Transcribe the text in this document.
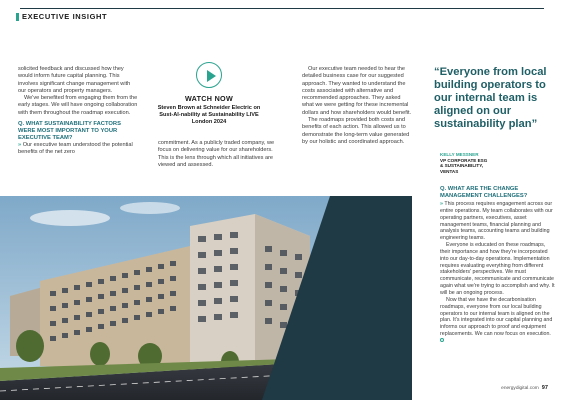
EXECUTIVE INSIGHT

solicited feedback and discussed how they would inform future capital planning. This involves significant change management with our operators and property managers.

We've benefited from engaging them from the early stages. We will have ongoing collaboration with them throughout the roadmap execution.

Q. WHAT SUSTAINABILITY FACTORS WERE MOST IMPORTANT TO YOUR EXECUTIVE TEAM?

» Our executive team understood the potential benefits of the net zero

WATCH NOW
Steven Brown at Schneider Electric on Sust-AI-nability at Sustainability LIVE London 2024
commitment. As a publicly traded company, we focus on delivering value for our shareholders. This is the lens through which all initiatives are viewed and assessed.

Our executive team needed to hear the detailed business case for our suggested approach. They wanted to understand the costs associated with alternative and recommended approaches. They asked what we were getting for these incremental dollars and how shareholders would benefit.

The roadmaps provided both costs and benefits of each action. This allowed us to demonstrate the long-term value generated by our holistic and coordinated approach.

“Everyone from local building operators to our internal team is aligned on our sustainability plan”
KELLY MESSNER
VP CORPORATE ESG
& SUSTAINABILITY,
VENTAS

Q. WHAT ARE THE CHANGE MANAGEMENT CHALLENGES?

» This process requires engagement across our entire operations. My team collaborates with our operating partners, executives, asset management teams, financial planning and analysis teams, accounting teams and building engineering teams.

Everyone is educated on these roadmaps, their importance and how they're incorporated into our day-to-day operations. Implementation requires evaluating everything from different stakeholders' perspectives. We must communicate, recommunicate and communicate again what we're trying to accomplish and why. It will be an ongoing process.

Now that we have the decarbonisation roadmaps, everyone from our local building operators to our internal team is aligned on the plan. It's integrated into our capital planning and informs our approach to proof and equipment replacements. We can now focus on execution.

energydigital.com 97
